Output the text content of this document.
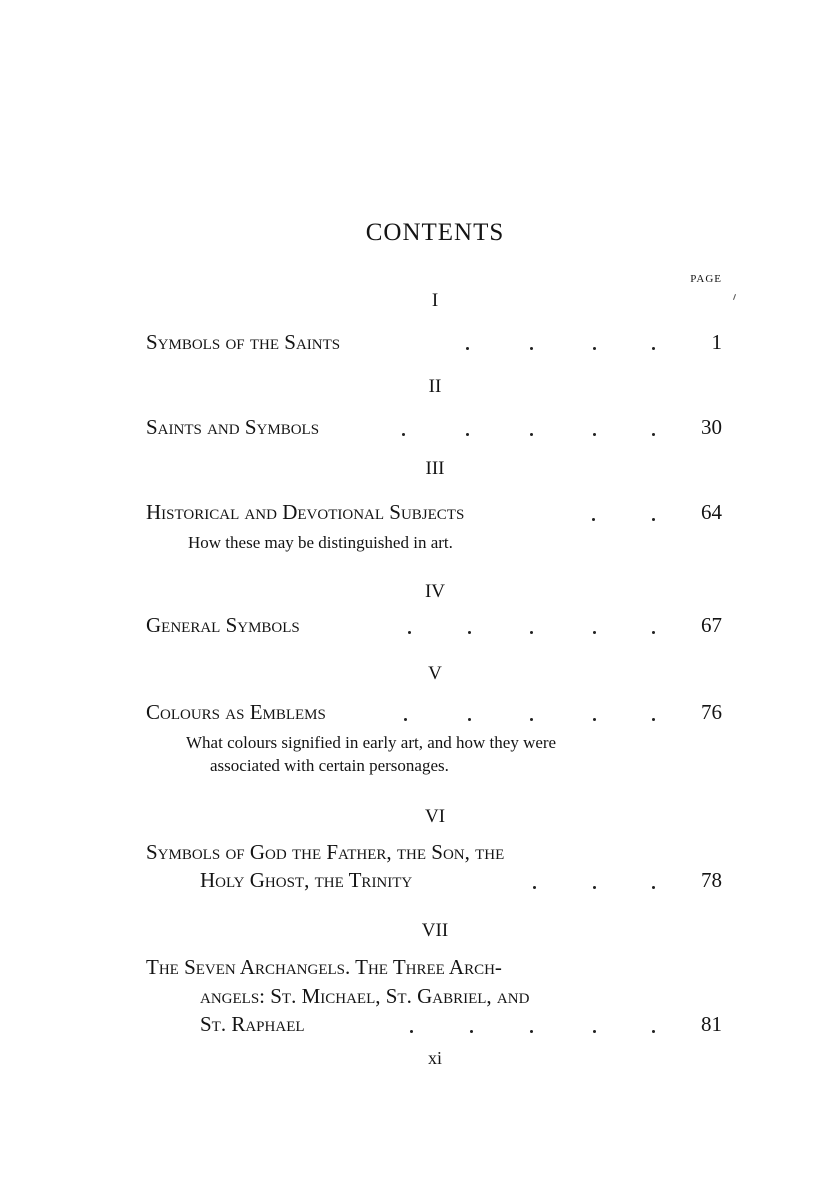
CONTENTS
PAGE
I
Symbols of the Saints	1
II
Saints and Symbols	30
III
Historical and Devotional Subjects	64
How these may be distinguished in art.
IV
General Symbols	67
V
Colours as Emblems	76
What colours signified in early art, and how they were
associated with certain personages.
VI
Symbols of God the Father, the Son, the
Holy Ghost, the Trinity	78
VII
The Seven Archangels. The Three Arch-
angels: St. Michael, St. Gabriel, and
St. Raphael	81
xi
